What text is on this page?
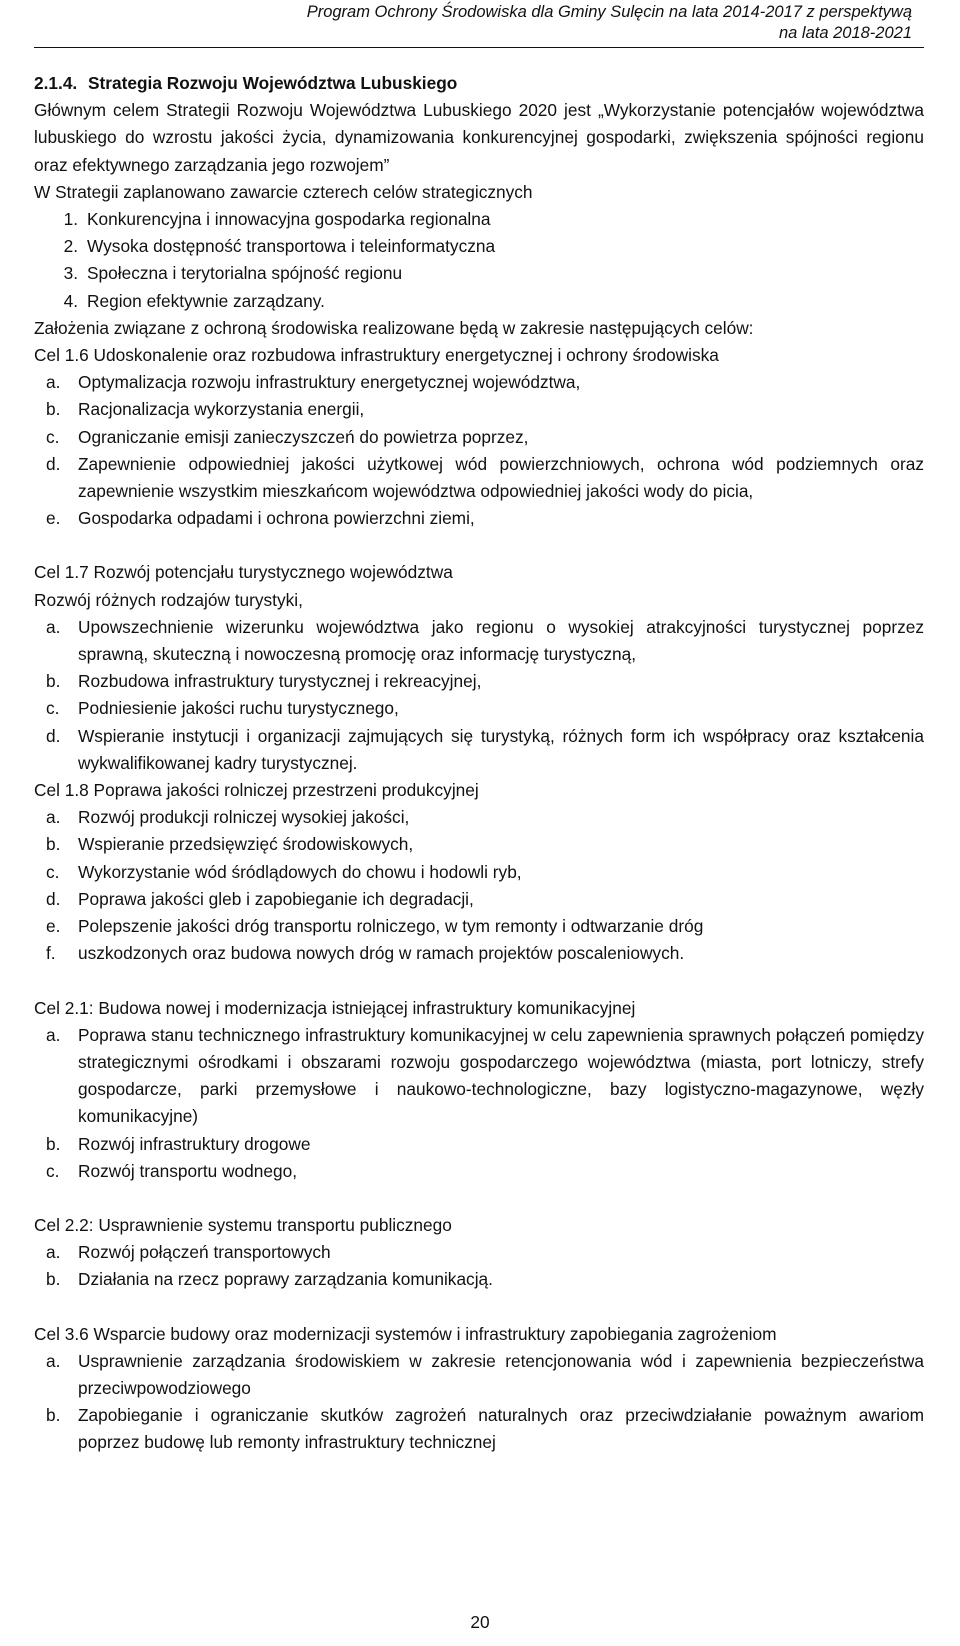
Program Ochrony Środowiska dla Gminy Sulęcin na lata 2014-2017 z perspektywą
na lata 2018-2021

2.1.4. Strategia Rozwoju Województwa Lubuskiego

Głównym celem Strategii Rozwoju Województwa Lubuskiego 2020 jest „Wykorzystanie potencjałów województwa lubuskiego do wzrostu jakości życia, dynamizowania konkurencyjnej gospodarki, zwiększenia spójności regionu oraz efektywnego zarządzania jego rozwojem”

W Strategii zaplanowano zawarcie czterech celów strategicznych

1. Konkurencyjna i innowacyjna gospodarka regionalna
2. Wysoka dostępność transportowa i teleinformatyczna
3. Społeczna i terytorialna spójność regionu
4. Region efektywnie zarządzany.

Założenia związane z ochroną środowiska realizowane będą w zakresie następujących celów:

Cel 1.6 Udoskonalenie oraz rozbudowa infrastruktury energetycznej i ochrony środowiska

a.	Optymalizacja rozwoju infrastruktury energetycznej województwa,
b.	Racjonalizacja wykorzystania energii,
c.	Ograniczanie emisji zanieczyszczeń do powietrza poprzez,
d.	Zapewnienie odpowiedniej jakości użytkowej wód powierzchniowych, ochrona wód podziemnych oraz zapewnienie wszystkim mieszkańcom województwa odpowiedniej jakości wody do picia,
e.	Gospodarka odpadami i ochrona powierzchni ziemi,

Cel 1.7 Rozwój potencjału turystycznego województwa

Rozwój różnych rodzajów turystyki,

a.	Upowszechnienie wizerunku województwa jako regionu o wysokiej atrakcyjności turystycznej poprzez sprawną, skuteczną i nowoczesną promocję oraz informację turystyczną,
b.	Rozbudowa infrastruktury turystycznej i rekreacyjnej,
c.	Podniesienie jakości ruchu turystycznego,
d.	Wspieranie instytucji i organizacji zajmujących się turystyką, różnych form ich współpracy oraz kształcenia wykwalifikowanej kadry turystycznej.

Cel 1.8 Poprawa jakości rolniczej przestrzeni produkcyjnej

a.	Rozwój produkcji rolniczej wysokiej jakości,
b.	Wspieranie przedsięwzięć środowiskowych,
c.	Wykorzystanie wód śródlądowych do chowu i hodowli ryb,
d.	Poprawa jakości gleb i zapobieganie ich degradacji,
e.	Polepszenie jakości dróg transportu rolniczego, w tym remonty i odtwarzanie dróg
f.	uszkodzonych oraz budowa nowych dróg w ramach projektów poscaleniowych.

Cel 2.1: Budowa nowej i modernizacja istniejącej infrastruktury komunikacyjnej

a.	Poprawa stanu technicznego infrastruktury komunikacyjnej w celu zapewnienia sprawnych połączeń pomiędzy strategicznymi ośrodkami i obszarami rozwoju gospodarczego województwa (miasta, port lotniczy, strefy gospodarcze, parki przemysłowe i naukowo-technologiczne, bazy logistyczno-magazynowe, węzły komunikacyjne)
b.	Rozwój infrastruktury drogowe
c.	Rozwój transportu wodnego,

Cel 2.2: Usprawnienie systemu transportu publicznego

a.	Rozwój połączeń transportowych
b.	Działania na rzecz poprawy zarządzania komunikacją.

Cel 3.6 Wsparcie budowy oraz modernizacji systemów i infrastruktury zapobiegania zagrożeniom

a.	Usprawnienie zarządzania środowiskiem w zakresie retencjonowania wód i zapewnienia bezpieczeństwa przeciwpowodziowego
b.	Zapobieganie i ograniczanie skutków zagrożeń naturalnych oraz przeciwdziałanie poważnym awariom poprzez budowę lub remonty infrastruktury technicznej
20
